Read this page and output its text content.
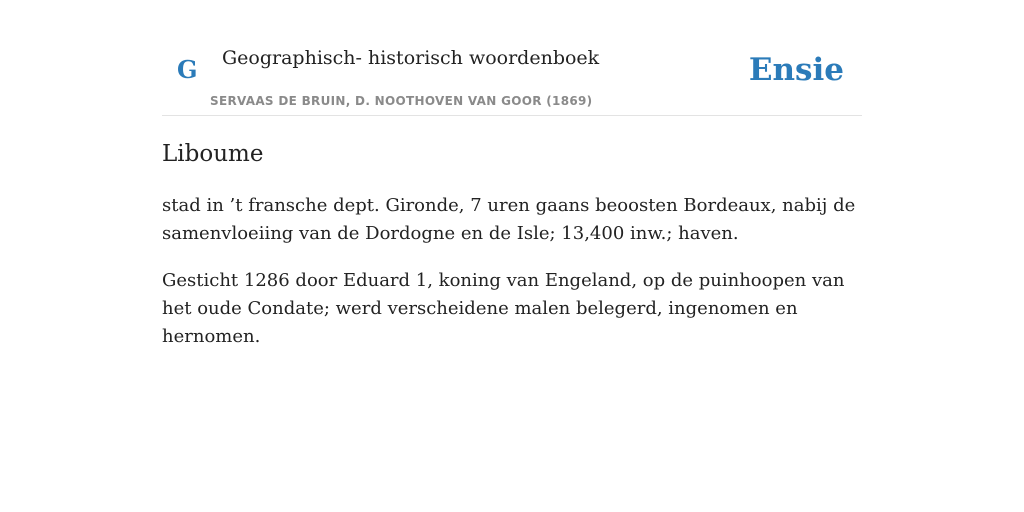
G Geographisch- historisch woordenboek
SERVAAS DE BRUIN, D. NOOTHOVEN VAN GOOR (1869)
Ensie
Liboume

stad in ’t fransche dept. Gironde, 7 uren gaans beoosten Bordeaux, nabij de samenvloeiing van de Dordogne en de Isle; 13,400 inw.; haven.

Gesticht 1286 door Eduard 1, koning van Engeland, op de puinhoopen van het oude Condate; werd verscheidene malen belegerd, ingenomen en hernomen.
